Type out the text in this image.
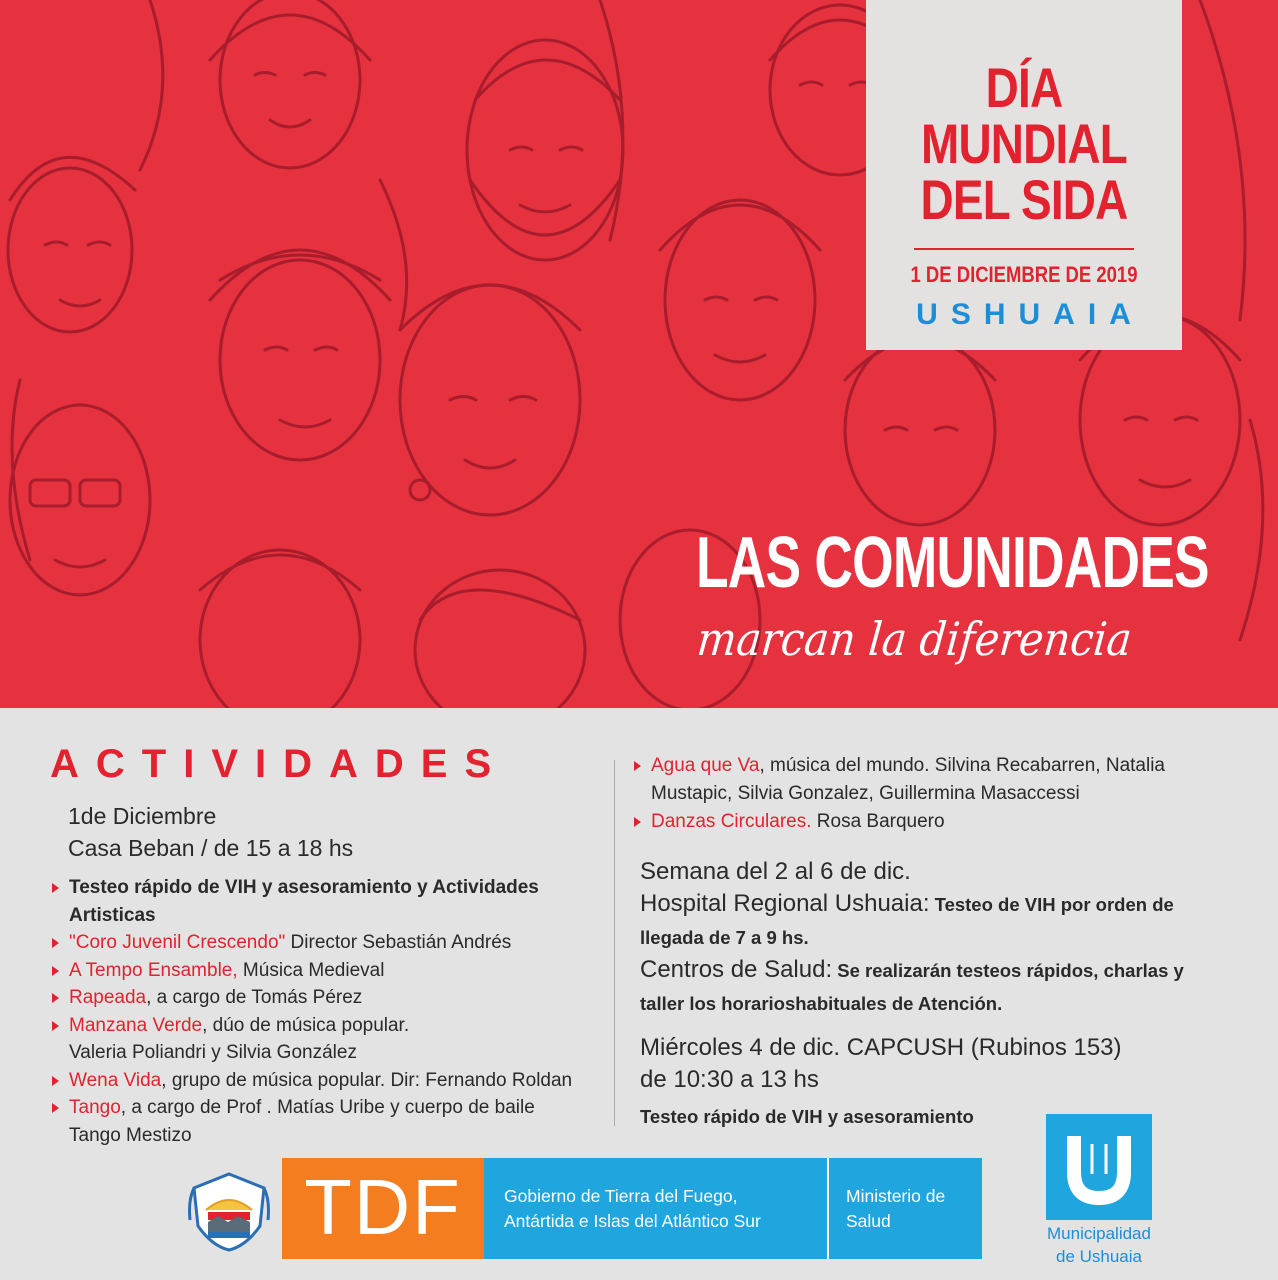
DÍA
MUNDIAL
DEL SIDA
1 DE DICIEMBRE DE 2019
USHUAIA
LAS COMUNIDADES
marcan la diferencia
ACTIVIDADES
1de Diciembre
Casa Beban / de 15 a 18 hs
Testeo rápido de VIH y asesoramiento y Actividades Artisticas
"Coro Juvenil Crescendo" Director Sebastián Andrés
A Tempo Ensamble, Música Medieval
Rapeada, a cargo de Tomás Pérez
Manzana Verde, dúo de música popular. Valeria Poliandri y Silvia González
Wena Vida, grupo de música popular. Dir: Fernando Roldan
Tango, a cargo de Prof . Matías Uribe y cuerpo de baile Tango Mestizo
Agua que Va, música del mundo. Silvina Recabarren, Natalia Mustapic, Silvia Gonzalez, Guillermina Masaccessi
Danzas Circulares. Rosa Barquero
Semana del 2 al 6 de dic.
Hospital Regional Ushuaia: Testeo de VIH por orden de llegada de 7 a 9 hs.
Centros de Salud: Se realizarán testeos rápidos, charlas y taller los horarioshabituales de Atención.
Miércoles 4 de dic. CAPCUSH (Rubinos 153)
de 10:30 a 13 hs
Testeo rápido de VIH y asesoramiento
TDF	Gobierno de Tierra del Fuego,
Antártida e Islas del Atlántico Sur
Ministerio de
Salud
Municipalidad
de Ushuaia
